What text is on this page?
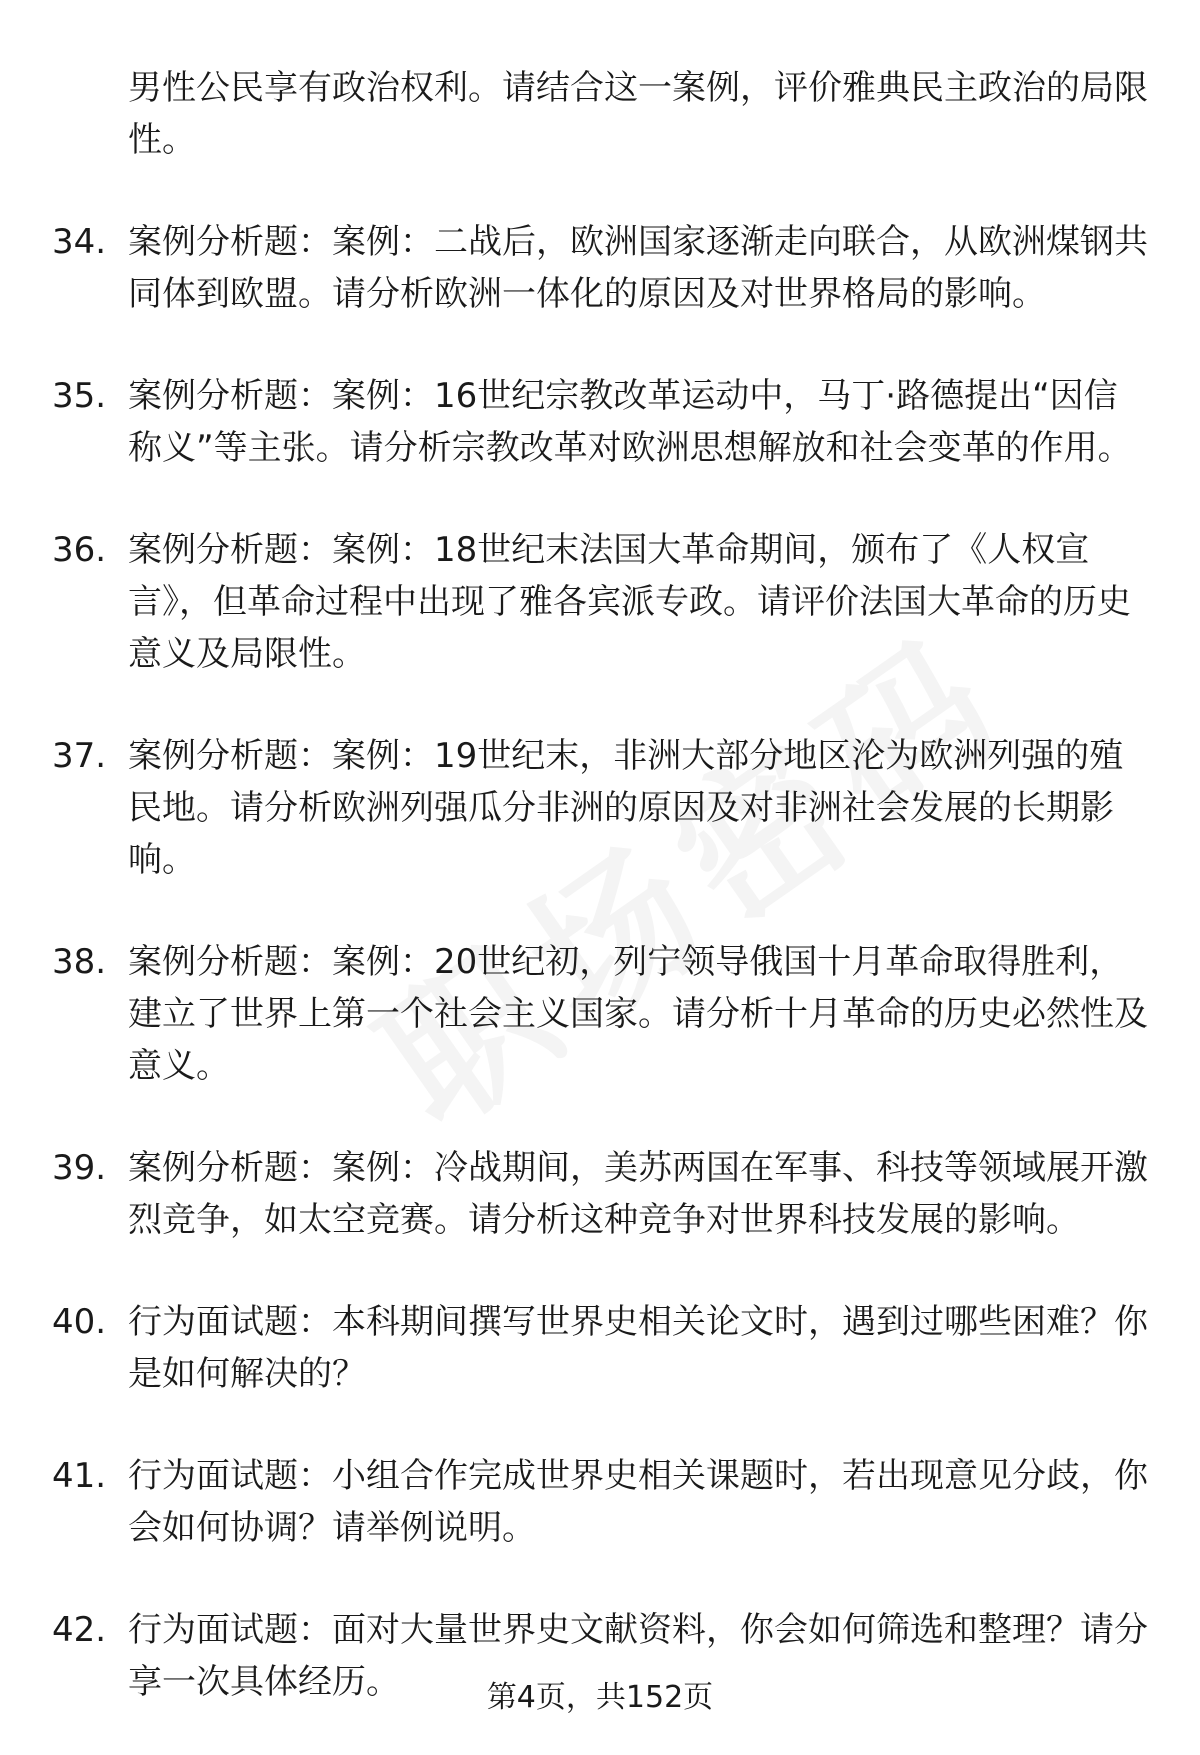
男性公民享有政治权利。请结合这一案例，评价雅典民主政治的局限性。
34. 案例分析题：案例：二战后，欧洲国家逐渐走向联合，从欧洲煤钢共同体到欧盟。请分析欧洲一体化的原因及对世界格局的影响。
35. 案例分析题：案例：16世纪宗教改革运动中，马丁·路德提出“因信称义”等主张。请分析宗教改革对欧洲思想解放和社会变革的作用。
36. 案例分析题：案例：18世纪末法国大革命期间，颁布了《人权宣言》，但革命过程中出现了雅各宾派专政。请评价法国大革命的历史意义及局限性。
37. 案例分析题：案例：19世纪末，非洲大部分地区沦为欧洲列强的殖民地。请分析欧洲列强瓜分非洲的原因及对非洲社会发展的长期影响。
38. 案例分析题：案例：20世纪初，列宁领导俄国十月革命取得胜利，建立了世界上第一个社会主义国家。请分析十月革命的历史必然性及意义。
39. 案例分析题：案例：冷战期间，美苏两国在军事、科技等领域展开激烈竞争，如太空竞赛。请分析这种竞争对世界科技发展的影响。
40. 行为面试题：本科期间撰写世界史相关论文时，遇到过哪些困难？你是如何解决的？
41. 行为面试题：小组合作完成世界史相关课题时，若出现意见分歧，你会如何协调？请举例说明。
42. 行为面试题：面对大量世界史文献资料，你会如何筛选和整理？请分享一次具体经历。	第4页，共152页
